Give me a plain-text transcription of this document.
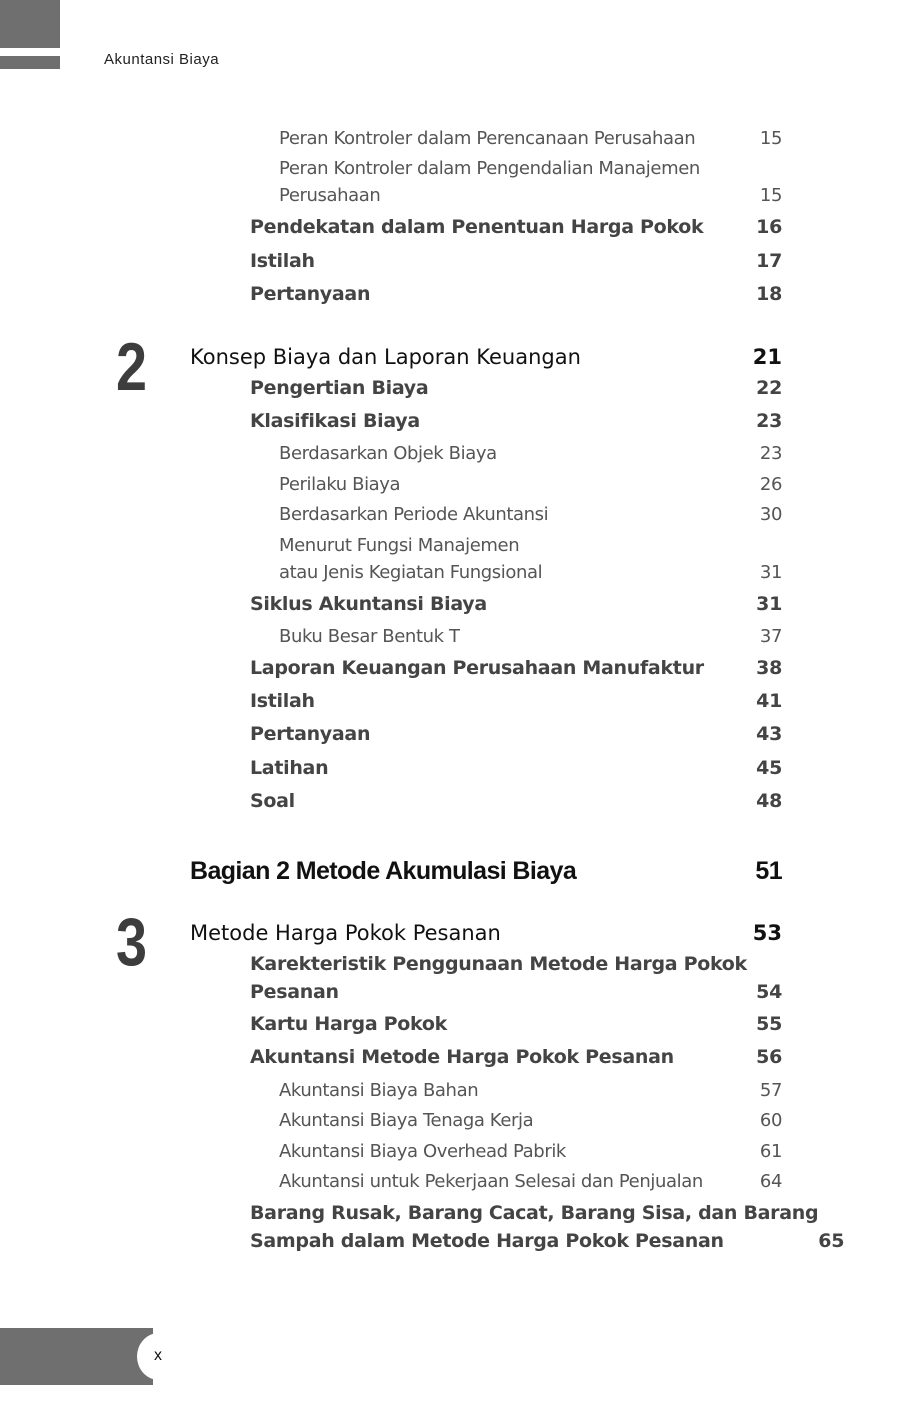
Akuntansi Biaya
Peran Kontroler dalam Perencanaan Perusahaan	15
Peran Kontroler dalam Pengendalian Manajemen
Perusahaan	15
Pendekatan dalam Penentuan Harga Pokok	16
Istilah	17
Pertanyaan	18
2 Konsep Biaya dan Laporan Keuangan	21
Pengertian Biaya	22
Klasifikasi Biaya	23
Berdasarkan Objek Biaya	23
Perilaku Biaya	26
Berdasarkan Periode Akuntansi	30
Menurut Fungsi Manajemen
atau Jenis Kegiatan Fungsional	31
Siklus Akuntansi Biaya	31
Buku Besar Bentuk T	37
Laporan Keuangan Perusahaan Manufaktur	38
Istilah	41
Pertanyaan	43
Latihan	45
Soal	48
Bagian 2 Metode Akumulasi Biaya	51
3 Metode Harga Pokok Pesanan	53
Karekteristik Penggunaan Metode Harga Pokok
Pesanan	54
Kartu Harga Pokok	55
Akuntansi Metode Harga Pokok Pesanan	56
Akuntansi Biaya Bahan	57
Akuntansi Biaya Tenaga Kerja	60
Akuntansi Biaya Overhead Pabrik	61
Akuntansi untuk Pekerjaan Selesai dan Penjualan	64
Barang Rusak, Barang Cacat, Barang Sisa, dan Barang
Sampah dalam Metode Harga Pokok Pesanan	65
x
